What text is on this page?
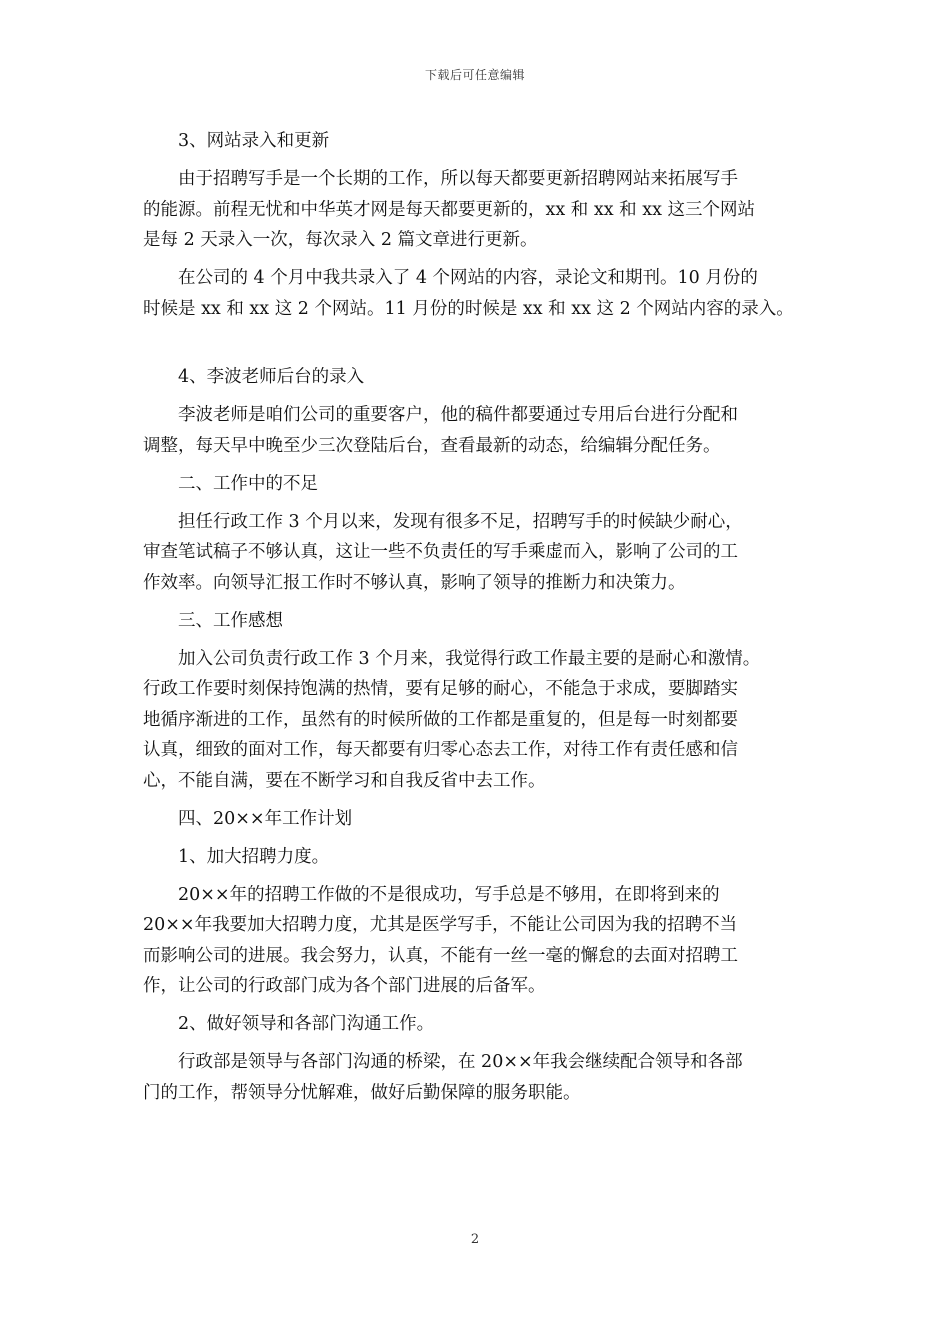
下载后可任意编辑

3、网站录入和更新

由于招聘写手是一个长期的工作，所以每天都要更新招聘网站来拓展写手
的能源。前程无忧和中华英才网是每天都要更新的，xx 和 xx 和 xx 这三个网站
是每 2 天录入一次，每次录入 2 篇文章进行更新。

在公司的 4 个月中我共录入了 4 个网站的内容，录论文和期刊。10 月份的
时候是 xx 和 xx 这 2 个网站。11 月份的时候是 xx 和 xx 这 2 个网站内容的录入。

4、李波老师后台的录入

李波老师是咱们公司的重要客户，他的稿件都要通过专用后台进行分配和
调整，每天早中晚至少三次登陆后台，查看最新的动态，给编辑分配任务。

二、工作中的不足

担任行政工作 3 个月以来，发现有很多不足，招聘写手的时候缺少耐心，
审查笔试稿子不够认真，这让一些不负责任的写手乘虚而入，影响了公司的工
作效率。向领导汇报工作时不够认真，影响了领导的推断力和决策力。

三、工作感想

加入公司负责行政工作 3 个月来，我觉得行政工作最主要的是耐心和激情。
行政工作要时刻保持饱满的热情，要有足够的耐心，不能急于求成，要脚踏实
地循序渐进的工作，虽然有的时候所做的工作都是重复的，但是每一时刻都要
认真，细致的面对工作，每天都要有归零心态去工作，对待工作有责任感和信
心，不能自满，要在不断学习和自我反省中去工作。

四、20××年工作计划

1、加大招聘力度。

20××年的招聘工作做的不是很成功，写手总是不够用，在即将到来的
20××年我要加大招聘力度，尤其是医学写手，不能让公司因为我的招聘不当
而影响公司的进展。我会努力，认真，不能有一丝一毫的懈怠的去面对招聘工
作，让公司的行政部门成为各个部门进展的后备军。

2、做好领导和各部门沟通工作。

行政部是领导与各部门沟通的桥梁，在 20××年我会继续配合领导和各部
门的工作，帮领导分忧解难，做好后勤保障的服务职能。

2
